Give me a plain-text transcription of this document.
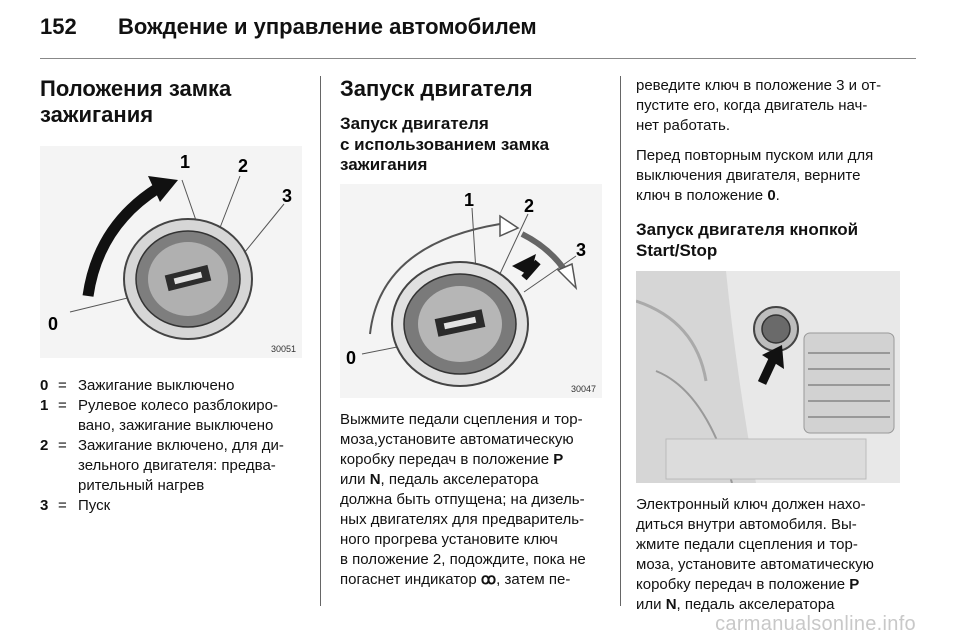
152 Вождение и управление автомобилем
Положения замка
зажигания
0
1	2
3
30051
0 = Зажигание выключено
1 = Рулевое колесо разблокиро-
вано, зажигание выключено
2 = Зажигание включено, для ди-
зельного двигателя: предва-
рительный нагрев
3 = Пуск
Запуск двигателя
Запуск двигателя
с использованием замка
зажигания
0
1	2
3
30047

Выжмите педали сцепления и тор-
моза,установите автоматическую
коробку передач в положение P
или N, педаль акселератора
должна быть отпущена; на дизель-
ных двигателях для предваритель-
ного прогрева установите ключ
в положение 2, подождите, пока не
погаснет индикатор ꝏ, затем пе-

реведите ключ в положение 3 и от-
пустите его, когда двигатель нач-
нет работать.

Перед повторным пуском или для
выключения двигателя, верните
ключ в положение 0.

Запуск двигателя кнопкой
Start/Stop

Электронный ключ должен нахо-
диться внутри автомобиля. Вы-
жмите педали сцепления и тор-
моза, установите автоматическую
коробку передач в положение P
или N, педаль акселератора

carmanualsonline.info
